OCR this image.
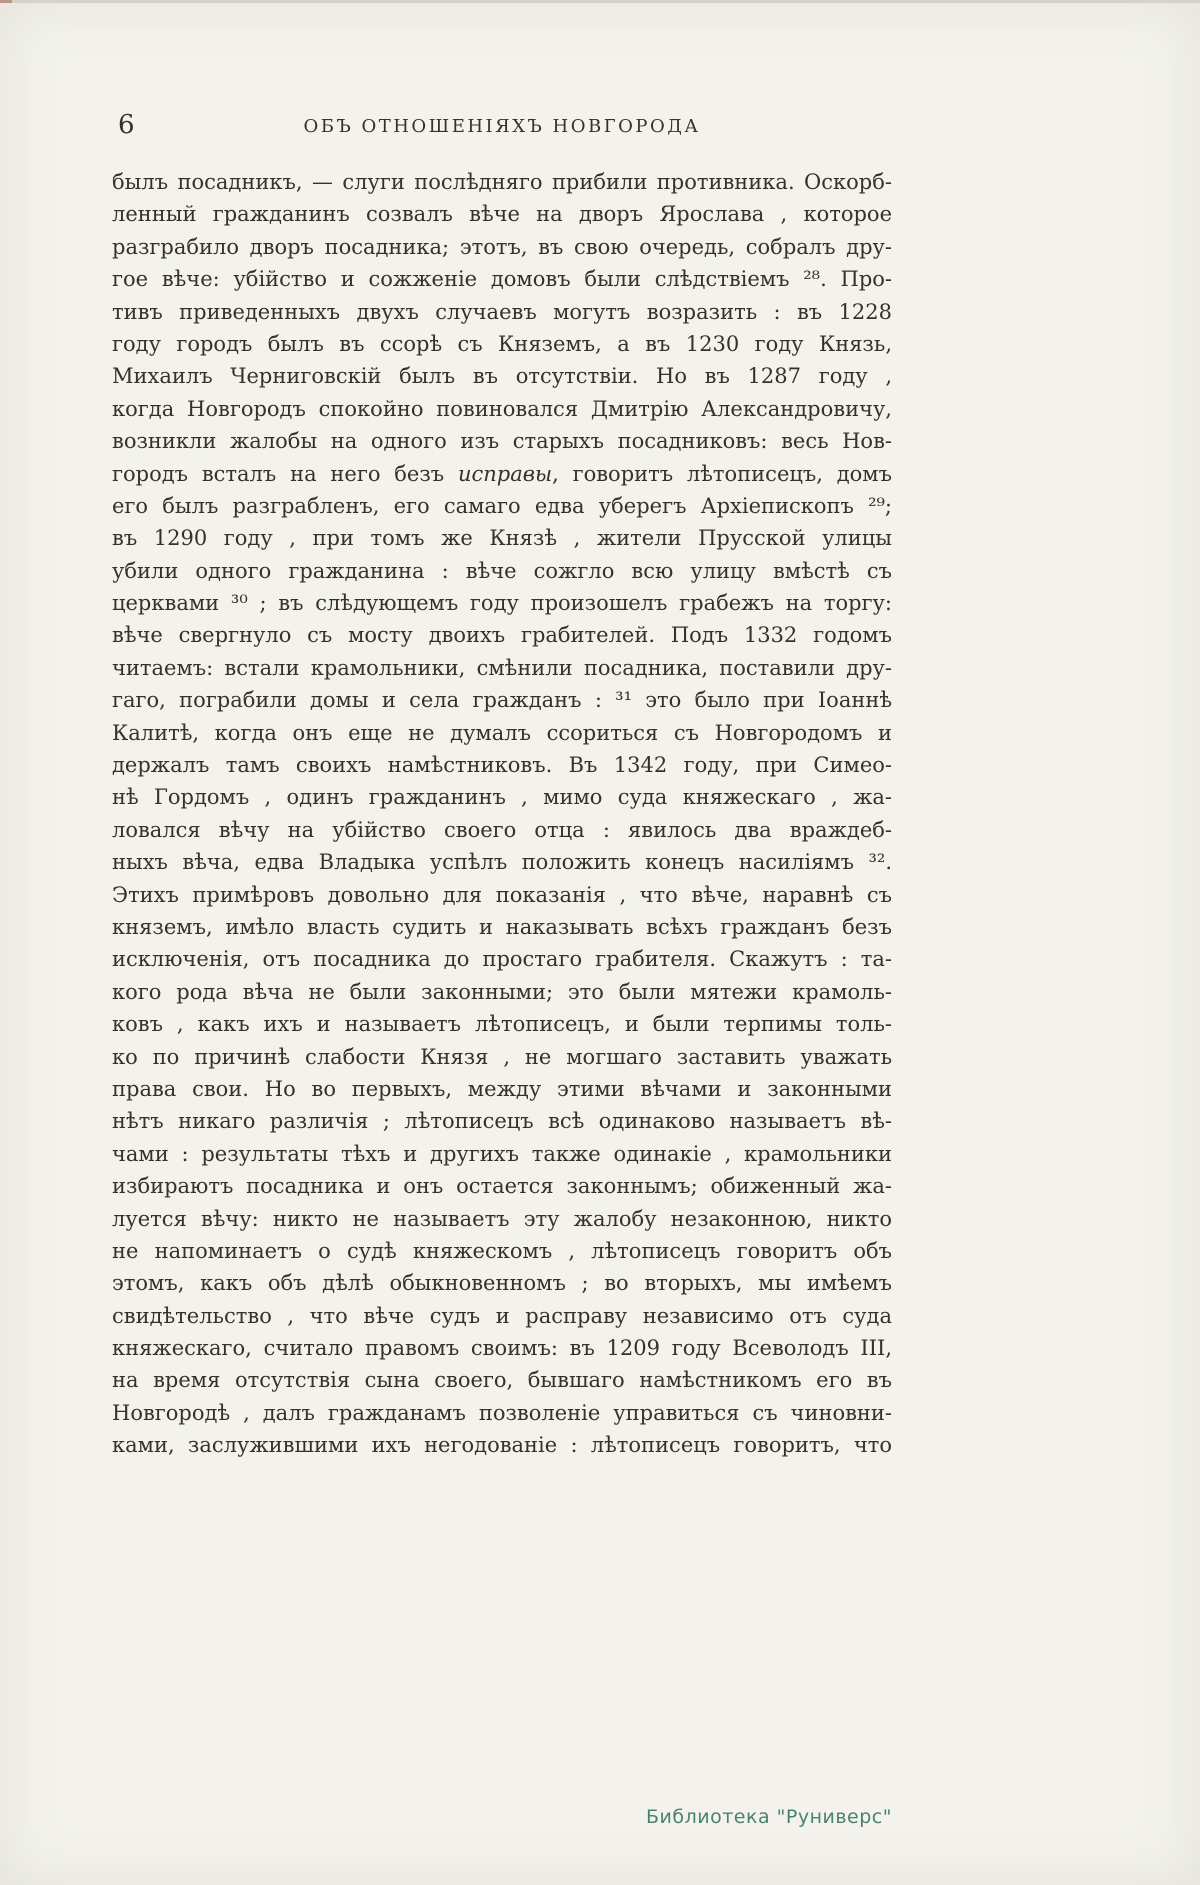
6	ОБЪ ОТНОШЕНІЯХЪ НОВГОРОДА
былъ посадникъ, — слуги послѣдняго прибили противника. Оскорб-
ленный гражданинъ созвалъ вѣче на дворъ Ярослава , которое
разграбило дворъ посадника; этотъ, въ свою очередь, собралъ дру-
гое вѣче: убійство и сожженіе домовъ были слѣдствіемъ ²⁸. Про-
тивъ приведенныхъ двухъ случаевъ могутъ возразить : въ 1228
году городъ былъ въ ссорѣ съ Княземъ, а въ 1230 году Князь,
Михаилъ Черниговскій былъ въ отсутствіи. Но въ 1287 году ,
когда Новгородъ спокойно повиновался Дмитрію Александровичу,
возникли жалобы на одного изъ старыхъ посадниковъ: весь Нов-
городъ всталъ на него безъ исправы, говоритъ лѣтописецъ, домъ
его былъ разграбленъ, его самаго едва уберегъ Архіепископъ ²⁹;
въ 1290 году , при томъ же Князѣ , жители Прусской улицы
убили одного гражданина : вѣче сожгло всю улицу вмѣстѣ съ
церквами ³⁰ ; въ слѣдующемъ году произошелъ грабежъ на торгу:
вѣче свергнуло съ мосту двоихъ грабителей. Подъ 1332 годомъ
читаемъ: встали крамольники, смѣнили посадника, поставили дру-
гаго, пограбили домы и села гражданъ : ³¹ это было при Іоаннѣ
Калитѣ, когда онъ еще не думалъ ссориться съ Новгородомъ и
держалъ тамъ своихъ намѣстниковъ. Въ 1342 году, при Симео-
нѣ Гордомъ , одинъ гражданинъ , мимо суда княжескаго , жа-
ловался вѣчу на убійство своего отца : явилось два враждеб-
ныхъ вѣча, едва Владыка успѣлъ положить конецъ насиліямъ ³².
Этихъ примѣровъ довольно для показанія , что вѣче, наравнѣ съ
княземъ, имѣло власть судить и наказывать всѣхъ гражданъ безъ
исключенія, отъ посадника до простаго грабителя. Скажутъ : та-
кого рода вѣча не были законными; это были мятежи крамоль-
ковъ , какъ ихъ и называетъ лѣтописецъ, и были терпимы толь-
ко по причинѣ слабости Князя , не могшаго заставить уважать
права свои. Но во первыхъ, между этими вѣчами и законными
нѣтъ никаго различія ; лѣтописецъ всѣ одинаково называетъ вѣ-
чами : результаты тѣхъ и другихъ также одинакіе , крамольники
избираютъ посадника и онъ остается законнымъ; обиженный жа-
луется вѣчу: никто не называетъ эту жалобу незаконною, никто
не напоминаетъ о судѣ княжескомъ , лѣтописецъ говоритъ объ
этомъ, какъ объ дѣлѣ обыкновенномъ ; во вторыхъ, мы имѣемъ
свидѣтельство , что вѣче судъ и расправу независимо отъ суда
княжескаго, считало правомъ своимъ: въ 1209 году Всеволодъ III,
на время отсутствія сына своего, бывшаго намѣстникомъ его въ
Новгородѣ , далъ гражданамъ позволеніе управиться съ чиновни-
ками, заслужившими ихъ негодованіе : лѣтописецъ говоритъ, что
Библиотека "Руниверс"
